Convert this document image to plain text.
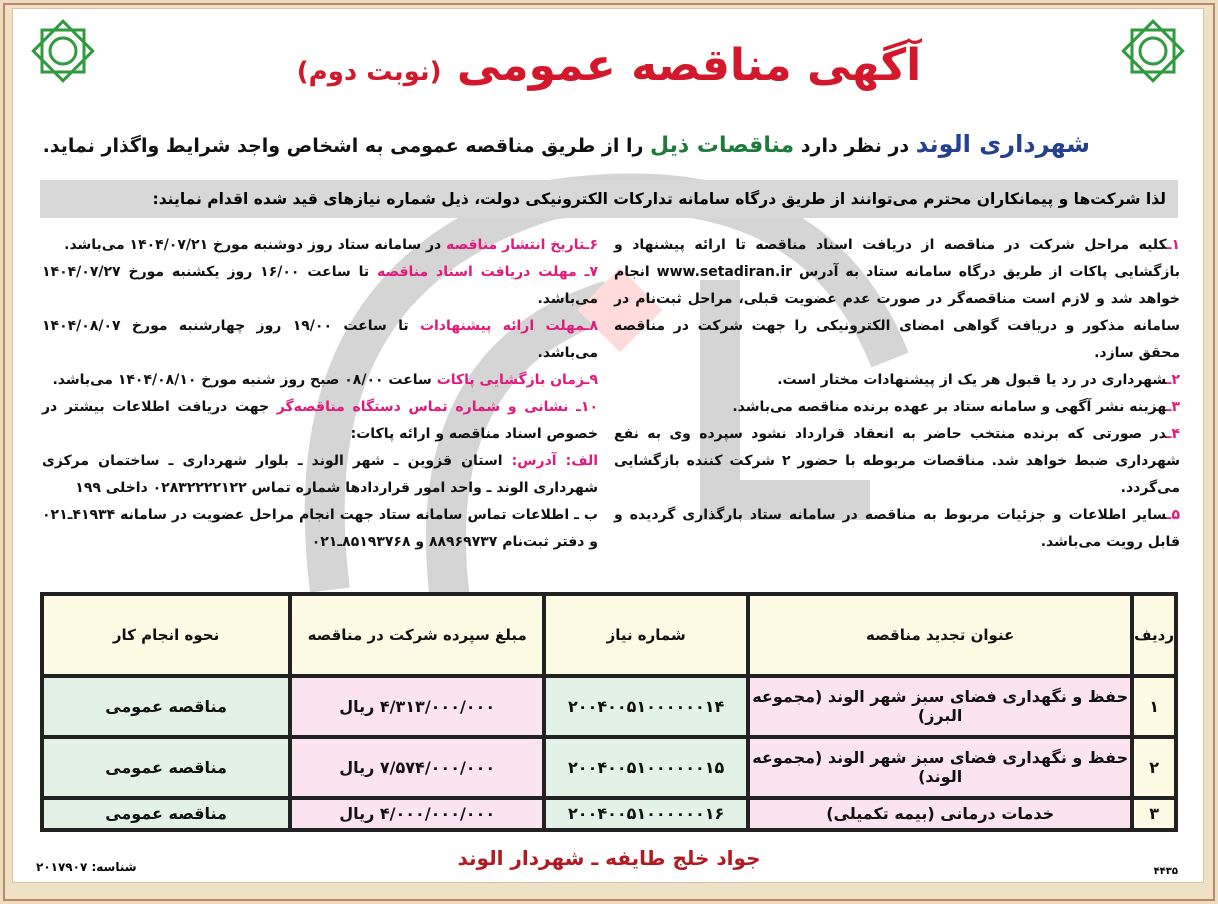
آگهی مناقصه عمومی (نوبت دوم)
شهرداری الوند در نظر دارد مناقصات ذیل را از طریق مناقصه عمومی به اشخاص واجد شرایط واگذار نماید.
لذا شرکت‌ها و پیمانکاران محترم می‌توانند از طریق درگاه سامانه تدارکات الکترونیکی دولت، ذیل شماره نیازهای قید شده اقدام نمایند:
۱ـکلیه مراحل شرکت در مناقصه از دریافت اسناد مناقصه تا ارائه پیشنهاد و بازگشایی پاکات از طریق درگاه سامانه ستاد به آدرس www.setadiran.ir انجام خواهد شد و لازم است مناقصه‌گر در صورت عدم عضویت قبلی، مراحل ثبت‌نام در سامانه مذکور و دریافت گواهی امضای الکترونیکی را جهت شرکت در مناقصه محقق سازد.
۲ـشهرداری در رد یا قبول هر یک از پیشنهادات مختار است.
۳ـهزینه نشر آگهی و سامانه ستاد بر عهده برنده مناقصه می‌باشد.
۴ـدر صورتی که برنده منتخب حاضر به انعقاد قرارداد نشود سپرده وی به نفع شهرداری ضبط خواهد شد. مناقصات مربوطه با حضور ۲ شرکت کننده بازگشایی می‌گردد.
۵ـسایر اطلاعات و جزئیات مربوط به مناقصه در سامانه ستاد بارگذاری گردیده و قابل رویت می‌باشد.
۶ـتاریخ انتشار مناقصه در سامانه ستاد روز دوشنبه مورخ ۱۴۰۴/۰۷/۲۱ می‌باشد.
۷ـ مهلت دریافت اسناد مناقصه تا ساعت ۱۶/۰۰ روز یکشنبه مورخ ۱۴۰۴/۰۷/۲۷ می‌باشد.
۸ـمهلت ارائه پیشنهادات تا ساعت ۱۹/۰۰ روز چهارشنبه مورخ ۱۴۰۴/۰۸/۰۷ می‌باشد.
۹ـزمان بازگشایی پاکات ساعت ۰۸/۰۰ صبح روز شنبه مورخ ۱۴۰۴/۰۸/۱۰ می‌باشد.
۱۰ـ نشانی و شماره تماس دستگاه مناقصه‌گر جهت دریافت اطلاعات بیشتر در خصوص اسناد مناقصه و ارائه پاکات:
الف: آدرس: استان قزوین ـ شهر الوند ـ بلوار شهرداری ـ ساختمان مرکزی شهرداری الوند ـ واحد امور قراردادها شماره تماس ۰۲۸۳۲۲۲۲۱۲۲ داخلی ۱۹۹
ب ـ اطلاعات تماس سامانه ستاد جهت انجام مراحل عضویت در سامانه ۴۱۹۳۴ـ۰۲۱ و دفتر ثبت‌نام ۸۸۹۶۹۷۳۷ و ۸۵۱۹۳۷۶۸ـ۰۲۱
ردیف	عنوان تجدید مناقصه	شماره نیاز	مبلغ سپرده شرکت در مناقصه	نحوه انجام کار
۱	حفظ و نگهداری فضای سبز شهر الوند (مجموعه البرز)	۲۰۰۴۰۰۵۱۰۰۰۰۰۰۱۴	۴/۳۱۳/۰۰۰/۰۰۰ ریال	مناقصه عمومی
۲	حفظ و نگهداری فضای سبز شهر الوند (مجموعه الوند)	۲۰۰۴۰۰۵۱۰۰۰۰۰۰۱۵	۷/۵۷۴/۰۰۰/۰۰۰ ریال	مناقصه عمومی
۳	خدمات درمانی (بیمه تکمیلی)	۲۰۰۴۰۰۵۱۰۰۰۰۰۰۱۶	۴/۰۰۰/۰۰۰/۰۰۰ ریال	مناقصه عمومی
جواد خلج طایفه ـ شهردار الوند
شناسه: ۲۰۱۷۹۰۷	۴۴۳۵
